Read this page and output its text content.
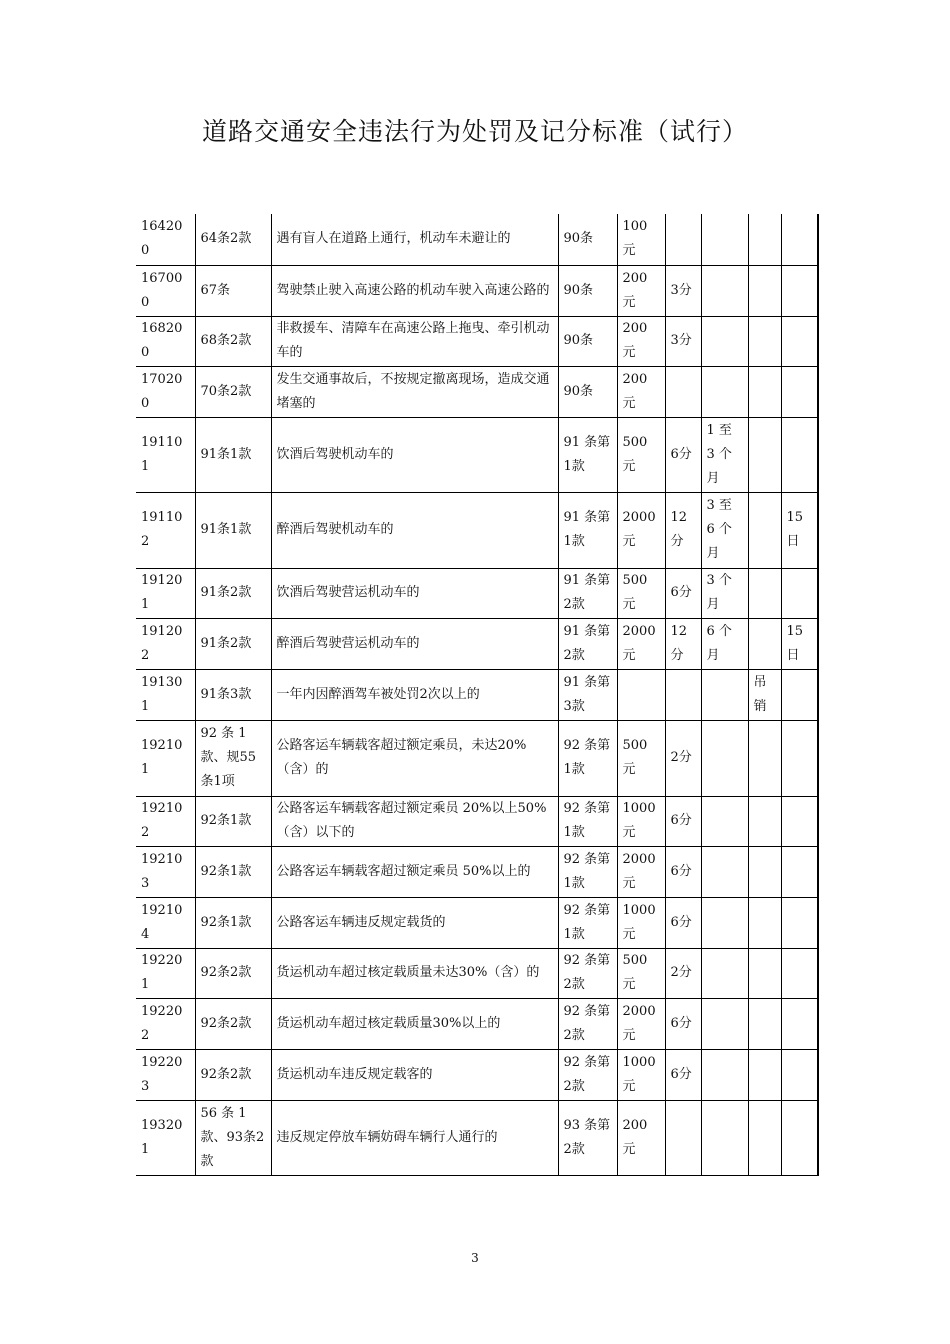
道路交通安全违法行为处罚及记分标准（试行）
164200	64条2款	遇有盲人在道路上通行，机动车未避让的	90条	100元				
167000	67条	驾驶禁止驶入高速公路的机动车驶入高速公路的	90条	200元	3分			
168200	68条2款	非救援车、清障车在高速公路上拖曳、牵引机动车的	90条	200元	3分			
170200	70条2款	发生交通事故后，不按规定撤离现场，造成交通堵塞的	90条	200元				
191101	91条1款	饮酒后驾驶机动车的	91 条第1款	500元	6分	1 至 3 个月		
191102	91条1款	醉酒后驾驶机动车的	91 条第1款	2000元	12分	3 至 6 个月		15日
191201	91条2款	饮酒后驾驶营运机动车的	91 条第2款	500元	6分	3 个月		
191202	91条2款	醉酒后驾驶营运机动车的	91 条第2款	2000元	12分	6 个月		15日
191301	91条3款	一年内因醉酒驾车被处罚2次以上的	91 条第3款				吊销	
192101	92 条 1 款、规55条1项	公路客运车辆载客超过额定乘员，未达20%（含）的	92 条第1款	500元	2分			
192102	92条1款	公路客运车辆载客超过额定乘员 20%以上50%（含）以下的	92 条第1款	1000元	6分			
192103	92条1款	公路客运车辆载客超过额定乘员 50%以上的	92 条第1款	2000元	6分			
192104	92条1款	公路客运车辆违反规定载货的	92 条第1款	1000元	6分			
192201	92条2款	货运机动车超过核定载质量未达30%（含）的	92 条第2款	500元	2分			
192202	92条2款	货运机动车超过核定载质量30%以上的	92 条第2款	2000元	6分			
192203	92条2款	货运机动车违反规定载客的	92 条第2款	1000元	6分			
193201	56 条 1 款、93条2款	违反规定停放车辆妨碍车辆行人通行的	93 条第2款	200元				
3
